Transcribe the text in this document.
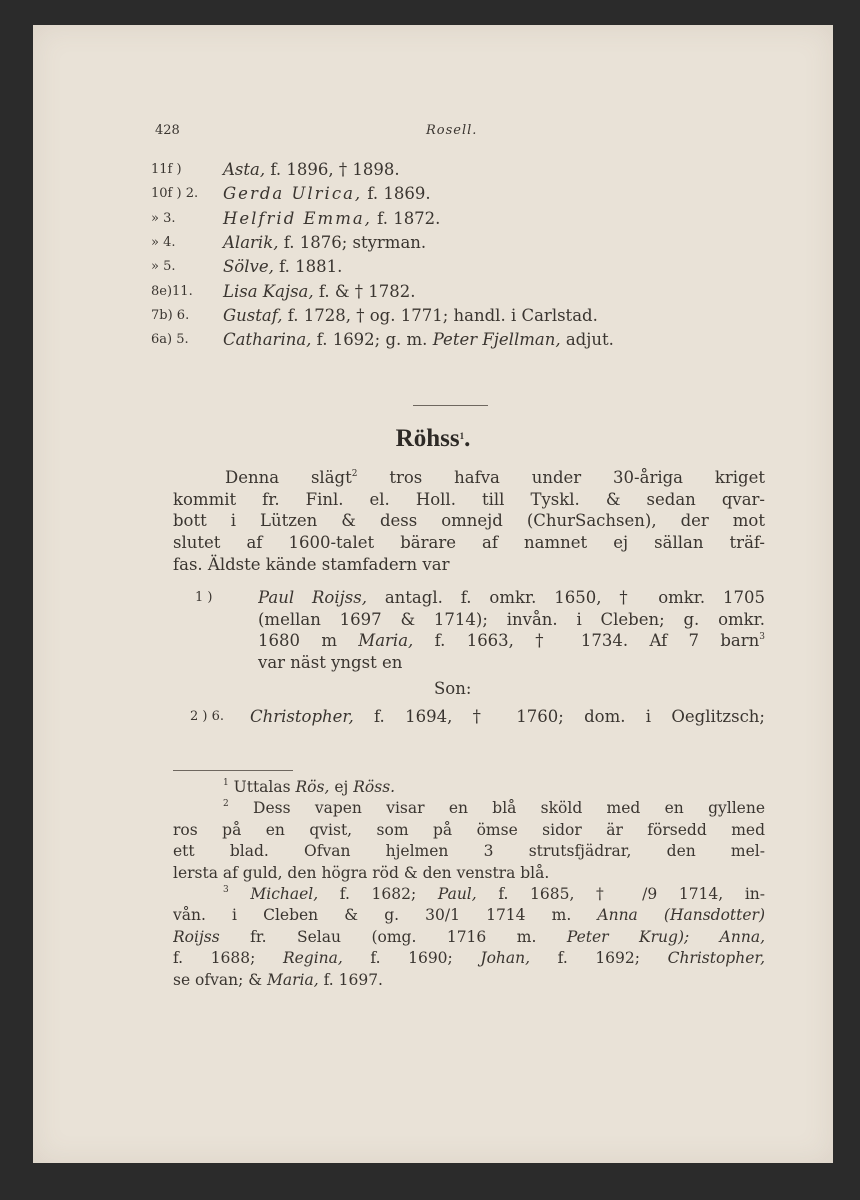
428	Rosell.
11f )	Asta, f. 1896, † 1898.
10f ) 2. Gerda Ulrica, f. 1869.
» 3.	Helfrid Emma, f. 1872.
» 4.	Alarik, f. 1876; styrman.
» 5.	Sölve, f. 1881.
8e)11. Lisa Kajsa, f. & † 1782.
7b) 6. Gustaf, f. 1728, † og. 1771; handl. i Carlstad.
6a) 5. Catharina, f. 1692; g. m. Peter Fjellman, adjut.
Röhss$^1$.
Denna slägt$^2$ tros hafva under 30-åriga kriget
kommit fr. Finl. el. Holl. till Tyskl. & sedan qvar-
bott i Lützen & dess omnejd (ChurSachsen), der mot
slutet af 1600-talet bärare af namnet ej sällan träf-
fas. Äldste kände stamfadern var
1 )	Paul Roijss, antagl. f. omkr. 1650, † omkr. 1705
(mellan 1697 & 1714); invån. i Cleben; g. omkr.
1680 m Maria, f. 1663, † 1734. Af 7 barn$^3$
var näst yngst en
2 ) 6. Christopher, f. 1694, † 1760; dom. i Oeglitzsch;
Son:
$^1$ Uttalas Rös, ej Röss.
$^2$ Dess vapen visar en blå sköld med en gyllene
ros på en qvist, som på ömse sidor är försedd med
ett blad. Ofvan hjelmen 3 strutsfjädrar, den mel-
lersta af guld, den högra röd & den venstra blå.
$^3$ Michael, f. 1682; Paul, f. 1685, † /9 1714, in-
vån. i Cleben & g. 30/1 1714 m. Anna (Hansdotter)
Roijss fr. Selau (omg. 1716 m. Peter Krug); Anna,
f. 1688; Regina, f. 1690; Johan, f. 1692; Christopher,
se ofvan; & Maria, f. 1697.
